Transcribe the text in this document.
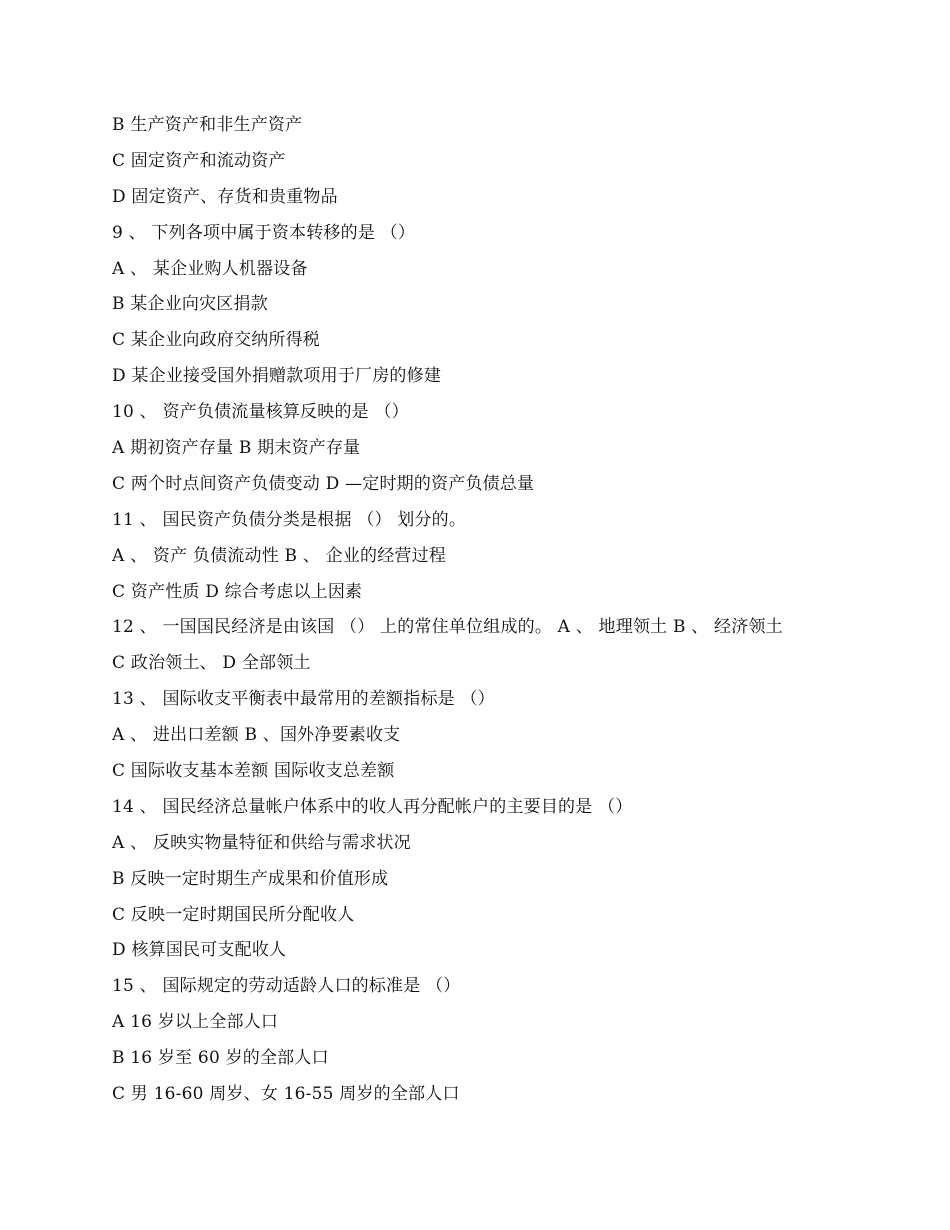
B 生产资产和非生产资产
C 固定资产和流动资产
D 固定资产、存货和贵重物品
9 、 下列各项中属于资本转移的是 （）
A 、 某企业购人机器设备
B 某企业向灾区捐款
C 某企业向政府交纳所得税
D 某企业接受国外捐赠款项用于厂房的修建
10 、 资产负债流量核算反映的是 （）
A 期初资产存量 B 期末资产存量
C 两个时点间资产负债变动 D —定时期的资产负债总量
11 、 国民资产负债分类是根据 （） 划分的。
A 、 资产 负债流动性 B 、 企业的经营过程
C 资产性质 D 综合考虑以上因素
12 、 一国国民经济是由该国 （） 上的常住单位组成的。 A 、 地理领土 B 、 经济领土
C 政治领土、 D 全部领土
13 、 国际收支平衡表中最常用的差额指标是 （）
A 、 进出口差额 B 、国外净要素收支
C 国际收支基本差额 国际收支总差额
14 、 国民经济总量帐户体系中的收人再分配帐户的主要目的是 （）
A 、 反映实物量特征和供给与需求状况
B 反映一定时期生产成果和价值形成
C 反映一定时期国民所分配收人
D 核算国民可支配收人
15 、 国际规定的劳动适龄人口的标准是 （）
A 16 岁以上全部人口
B 16 岁至 60 岁的全部人口
C 男 16-60 周岁、女 16-55 周岁的全部人口
